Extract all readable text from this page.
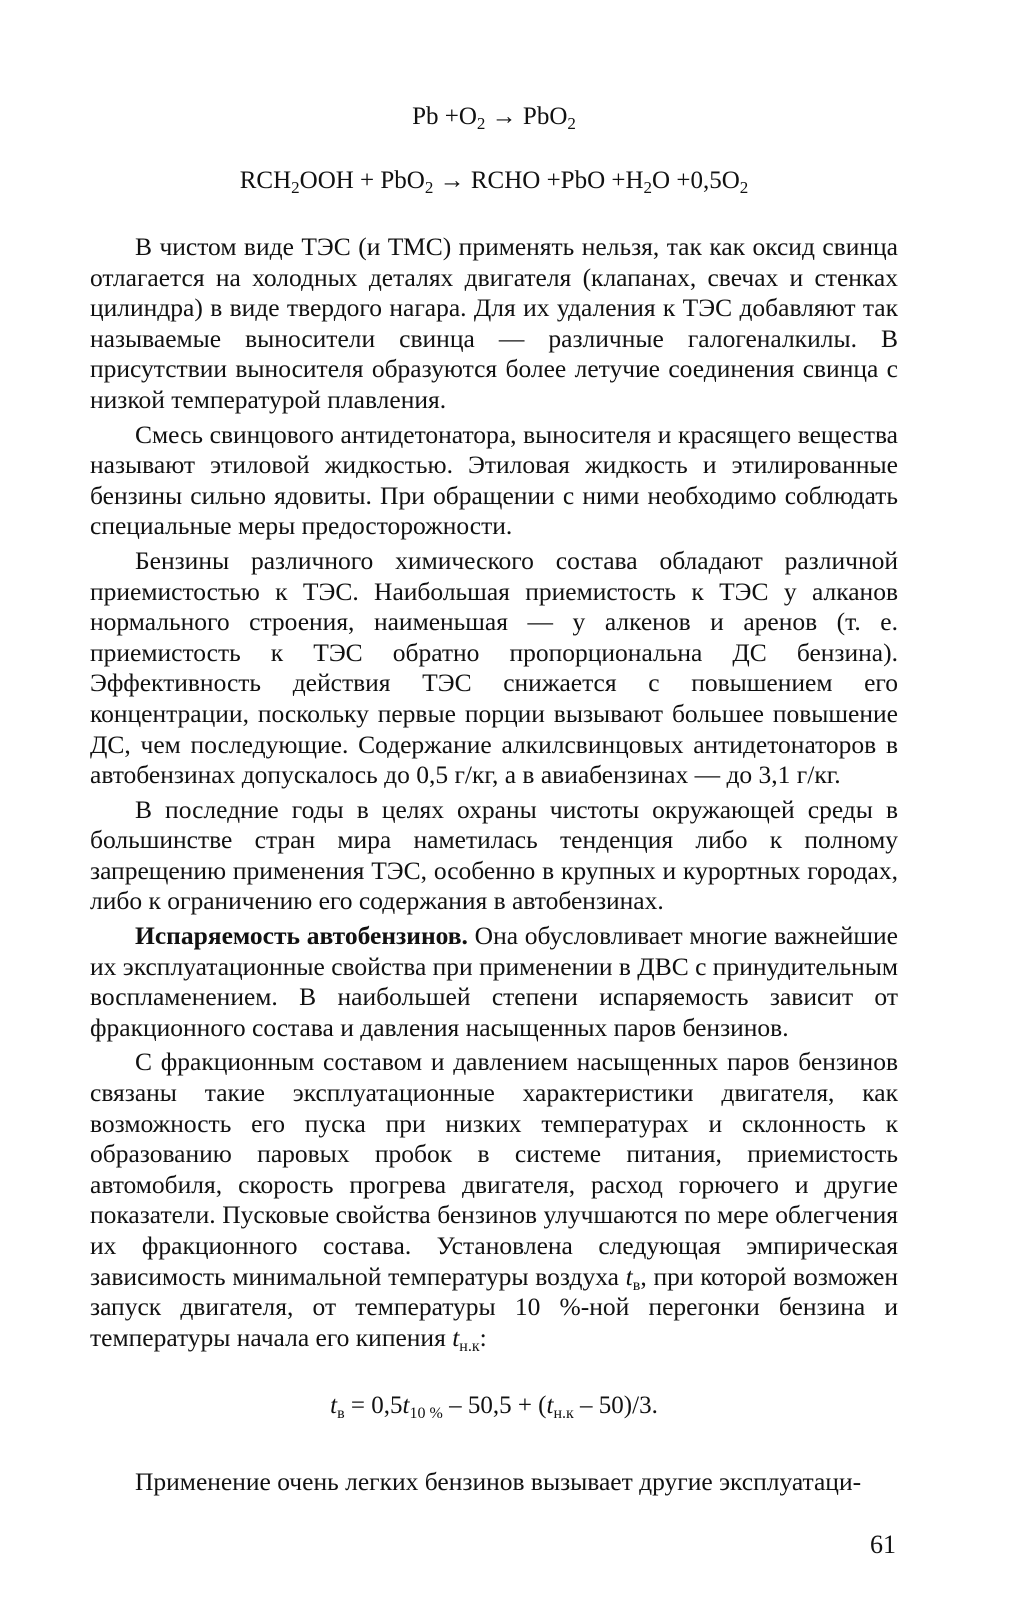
$Pb +O_2 \to PbO_2$
$RCH_2OOH + PbO_2$ → RCHO $+PbO +H_2O +0,5O_2$

В чистом виде ТЭС (и ТМС) применять нельзя, так как оксид свинца отлагается на холодных деталях двигателя (клапанах, свечах и стенках цилиндра) в виде твердого нагара. Для их удаления к ТЭС добавляют так называемые выносители свинца — различные галогеналкилы. В присутствии выносителя образуются более летучие соединения свинца с низкой температурой плавления.

Смесь свинцового антидетонатора, выносителя и красящего вещества называют этиловой жидкостью. Этиловая жидкость и этилированные бензины сильно ядовиты. При обращении с ними необходимо соблюдать специальные меры предосторожности.

Бензины различного химического состава обладают различной приемистостью к ТЭС. Наибольшая приемистость к ТЭС у алканов нормального строения, наименьшая — у алкенов и аренов (т. е. приемистость к ТЭС обратно пропорциональна ДС бензина). Эффективность действия ТЭС снижается с повышением его концентрации, поскольку первые порции вызывают большее повышение ДС, чем последующие. Содержание алкилсвинцовых антидетонаторов в автобензинах допускалось до 0,5 г/кг, а в авиабензинах — до 3,1 г/кг.

В последние годы в целях охраны чистоты окружающей среды в большинстве стран мира наметилась тенденция либо к полному запрещению применения ТЭС, особенно в крупных и курортных городах, либо к ограничению его содержания в автобензинах.

Испаряемость автобензинов. Она обусловливает многие важнейшие их эксплуатационные свойства при применении в ДВС с принудительным воспламенением. В наибольшей степени испаряемость зависит от фракционного состава и давления насыщенных паров бензинов.

С фракционным составом и давлением насыщенных паров бензинов связаны такие эксплуатационные характеристики двигателя, как возможность его пуска при низких температурах и склонность к образованию паровых пробок в системе питания, приемистость автомобиля, скорость прогрева двигателя, расход горючего и другие показатели. Пусковые свойства бензинов улучшаются по мере облегчения их фракционного состава. Установлена следующая эмпирическая зависимость минимальной температуры воздуха $t_в$, при которой возможен запуск двигателя, от температуры 10 %-ной перегонки бензина и температуры начала его кипения $t_{н.к}$:

$t_в = 0,5t_{10 \%} - 50,5 + (t_{н.к} - 50)/3$.

Применение очень легких бензинов вызывает другие эксплуатаци-

61
